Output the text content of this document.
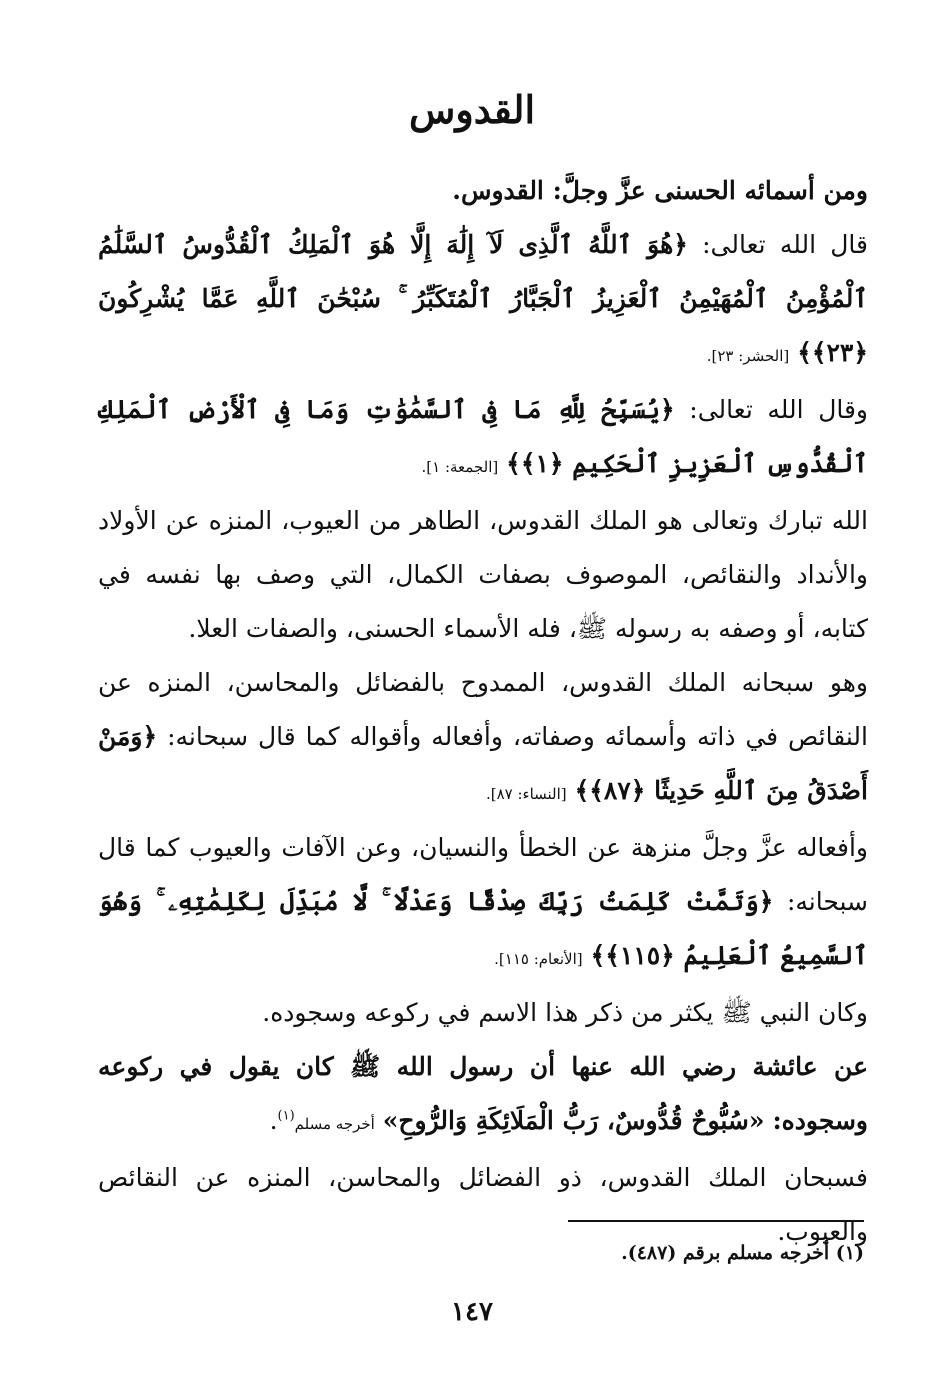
القدوس

ومن أسمائه الحسنى عزَّ وجلَّ: القدوس.

قال الله تعالى: ﴿هُوَ ٱللَّهُ ٱلَّذِى لَآ إِلَٰهَ إِلَّا هُوَ ٱلْمَلِكُ ٱلْقُدُّوسُ ٱلسَّلَٰمُ ٱلْمُؤْمِنُ ٱلْمُهَيْمِنُ ٱلْعَزِيزُ ٱلْجَبَّارُ ٱلْمُتَكَبِّرُ ۚ سُبْحَٰنَ ٱللَّهِ عَمَّا يُشْرِكُونَ ﴿٢٣﴾﴾ [الحشر: ٢٣].

وقال الله تعالى: ﴿يُسَبِّحُ لِلَّهِ مَا فِى ٱلسَّمَٰوَٰتِ وَمَا فِى ٱلْأَرْضِ ٱلْمَلِكِ ٱلْقُدُّوسِ ٱلْعَزِيزِ ٱلْحَكِيمِ ﴿١﴾﴾ [الجمعة: ١].

الله تبارك وتعالى هو الملك القدوس، الطاهر من العيوب، المنزه عن الأولاد والأنداد والنقائص، الموصوف بصفات الكمال، التي وصف بها نفسه في كتابه، أو وصفه به رسوله ﷺ، فله الأسماء الحسنى، والصفات العلا.

وهو سبحانه الملك القدوس، الممدوح بالفضائل والمحاسن، المنزه عن النقائص في ذاته وأسمائه وصفاته، وأفعاله وأقواله كما قال سبحانه: ﴿وَمَنْ أَصْدَقُ مِنَ ٱللَّهِ حَدِيثًا ﴿٨٧﴾﴾ [النساء: ٨٧].

وأفعاله عزَّ وجلَّ منزهة عن الخطأ والنسيان، وعن الآفات والعيوب كما قال سبحانه: ﴿وَتَمَّتْ كَلِمَتُ رَبِّكَ صِدْقًا وَعَدْلًا ۚ لَّا مُبَدِّلَ لِكَلِمَٰتِهِۦ ۚ وَهُوَ ٱلسَّمِيعُ ٱلْعَلِيمُ ﴿١١٥﴾﴾ [الأنعام: ١١٥].

وكان النبي ﷺ يكثر من ذكر هذا الاسم في ركوعه وسجوده.

عن عائشة رضي الله عنها أن رسول الله ﷺ كان يقول في ركوعه وسجوده: «سُبُّوحٌ قُدُّوسٌ، رَبُّ الْمَلَائِكَةِ وَالرُّوحِ» أخرجه مسلم$^{(١)}$.

فسبحان الملك القدوس، ذو الفضائل والمحاسن، المنزه عن النقائص والعيوب.

(١) أخرجه مسلم برقم (٤٨٧).
١٤٧
